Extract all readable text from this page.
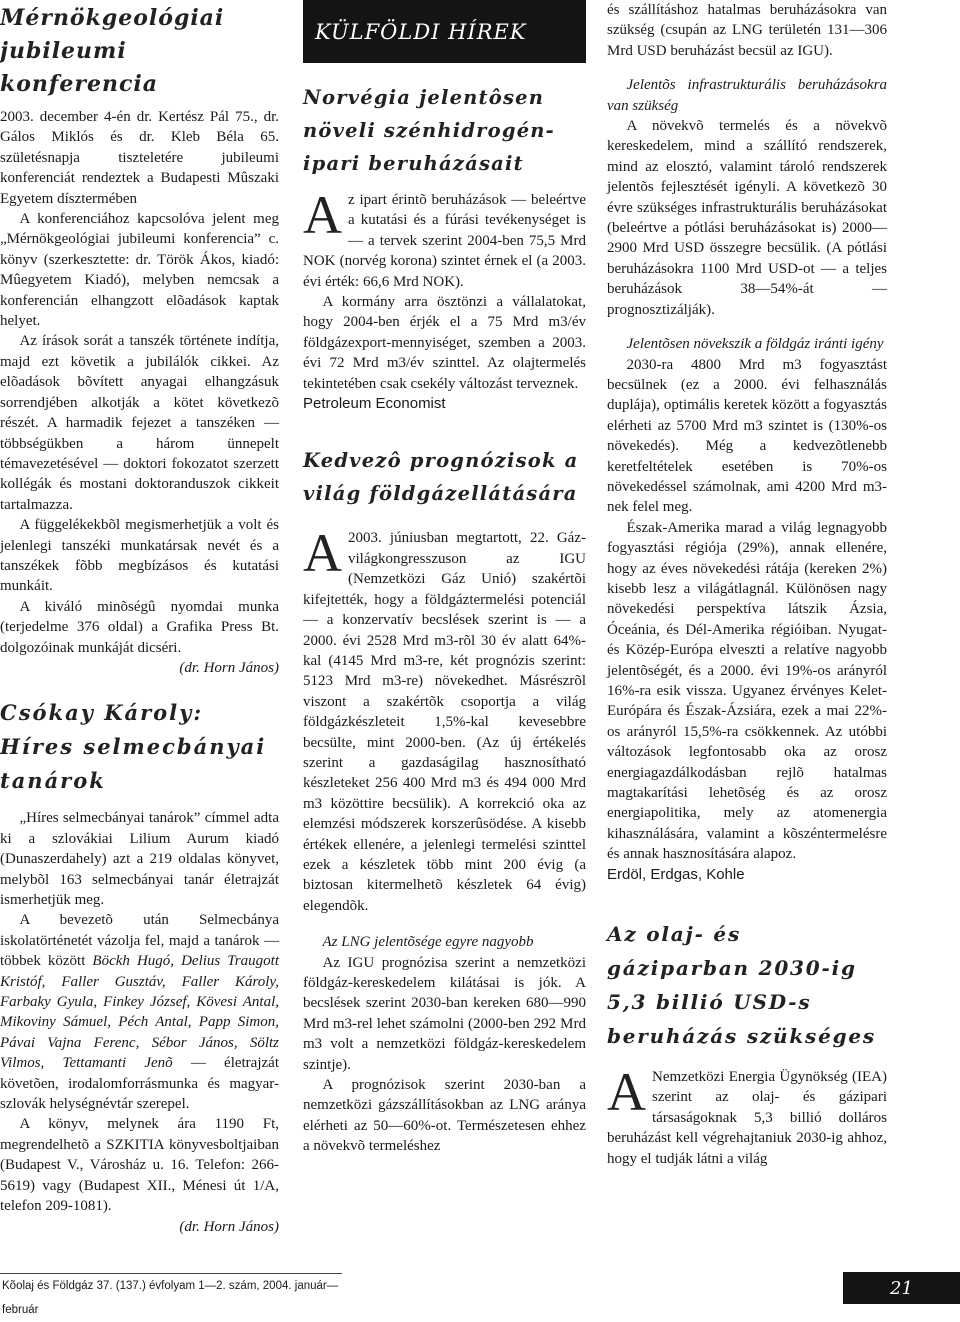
Mérnökgeológiai jubileumi konferencia

2003. december 4-én dr. Kertész Pál 75., dr. Gálos Miklós és dr. Kleb Béla 65. születésnapja tiszteletére jubileumi konferenciát rendeztek a Budapesti Mûszaki Egyetem dísztermében

A konferenciához kapcsolóva jelent meg „Mérnökgeológiai jubileumi konferencia” c. könyv (szerkesztette: dr. Török Ákos, kiadó: Mûegyetem Kiadó), melyben nemcsak a konferencián elhangzott elõadások kaptak helyet.

Az írások sorát a tanszék története indítja, majd ezt követik a jubilálók cikkei. Az elõadások bõvített anyagai elhangzásuk sorrendjében alkotják a kötet következõ részét. A harmadik fejezet a tanszéken — többségükben a három ünnepelt témavezetésével — doktori fokozatot szerzett kollégák és mostani doktoranduszok cikkeit tartalmazza.

A függelékekbõl megismerhetjük a volt és jelenlegi tanszéki munkatársak nevét és a tanszékek fõbb megbízásos és kutatási munkáit.

A kiváló minõségû nyomdai munka (terjedelme 376 oldal) a Grafika Press Bt. dolgozóinak munkáját dicséri.

(dr. Horn János)

Csókay Károly: Híres selmecbányai tanárok

„Híres selmecbányai tanárok” címmel adta ki a szlovákiai Lilium Aurum kiadó (Dunaszerdahely) azt a 219 oldalas könyvet, melybõl 163 selmecbányai tanár életrajzát ismerhetjük meg.

A bevezetõ után Selmecbánya iskolatörténetét vázolja fel, majd a tanárok — többek között Böckh Hugó, Delius Traugott Kristóf, Faller Gusztáv, Faller Károly, Farbaky Gyula, Finkey József, Kövesi Antal, Mikoviny Sámuel, Péch Antal, Papp Simon, Pávai Vajna Ferenc, Sébor János, Söltz Vilmos, Tettamanti Jenõ — életrajzát követõen, irodalomforrásmunka és magyar-szlovák helységnévtár szerepel.

A könyv, melynek ára 1190 Ft, megrendelhetõ a SZKITIA könyvesboltjaiban (Budapest V., Városház u. 16. Telefon: 266-5619) vagy (Budapest XII., Ménesi út 1/A, telefon 209-1081).

(dr. Horn János)

KÜLFÖLDI HÍREK
Norvégia jelentôsen növeli szénhidrogén-ipari beruházásait

Az ipart érintõ beruházások — beleértve a kutatási és a fúrási tevékenységet is — a tervek szerint 2004-ben 75,5 Mrd NOK (norvég korona) szintet érnek el (a 2003. évi érték: 66,6 Mrd NOK).

A kormány arra ösztönzi a vállalatokat, hogy 2004-ben érjék el a 75 Mrd m3/év földgázexport-mennyiséget, szemben a 2003. évi 72 Mrd m3/év szinttel. Az olajtermelés tekintetében csak csekély változást terveznek.

Petroleum Economist

Kedvezô prognózisok a világ földgázellátására

A 2003. júniusban megtartott, 22. Gáz-világkongresszuson az IGU (Nemzetközi Gáz Unió) szakértõi kifejtették, hogy a földgáztermelési potenciál — a konzervatív becslések szerint is — a 2000. évi 2528 Mrd m3-rõl 30 év alatt 64%-kal (4145 Mrd m3-re, két prognózis szerint: 5123 Mrd m3-re) növekedhet. Másrészrõl viszont a szakértõk csoportja a világ földgázkészleteit 1,5%-kal kevesebbre becsülte, mint 2000-ben. (Az új értékelés szerint a gazdaságilag hasznosítható készleteket 256 400 Mrd m3 és 494 000 Mrd m3 közöttire becsülik). A korrekció oka az elemzési módszerek korszerûsödése. A kisebb értékek ellenére, a jelenlegi termelési szinttel ezek a készletek több mint 200 évig (a biztosan kitermelhetõ készletek 64 évig) elegendõk.

Az LNG jelentõsége egyre nagyobb

Az IGU prognózisa szerint a nemzetközi földgáz-kereskedelem kilátásai is jók. A becslések szerint 2030-ban kereken 680—990 Mrd m3-rel lehet számolni (2000-ben 292 Mrd m3 volt a nemzetközi földgáz-kereskedelem szintje).

A prognózisok szerint 2030-ban a nemzetközi gázszállításokban az LNG aránya elérheti az 50—60%-ot. Természetesen ehhez a növekvõ termeléshez

és szállításhoz hatalmas beruházásokra van szükség (csupán az LNG területén 131—306 Mrd USD beruházást becsül az IGU).

Jelentõs infrastrukturális beruházásokra van szükség

A növekvõ termelés és a növekvõ kereskedelem, mind a szállító rendszerek, mind az elosztó, valamint tároló rendszerek jelentõs fejlesztését igényli. A következõ 30 évre szükséges infrastrukturális beruházásokat (beleértve a pótlási beruházásokat is) 2000—2900 Mrd USD összegre becsülik. (A pótlási beruházásokra 1100 Mrd USD-ot — a teljes beruházások 38—54%-át — prognosztizálják).

Jelentõsen növekszik a földgáz iránti igény

2030-ra 4800 Mrd m3 fogyasztást becsülnek (ez a 2000. évi felhasználás duplája), optimális keretek között a fogyasztás elérheti az 5700 Mrd m3 szintet is (130%-os növekedés). Még a kedvezõtlenebb keretfeltételek esetében is 70%-os növekedéssel számolnak, ami 4200 Mrd m3-nek felel meg.

Észak-Amerika marad a világ legnagyobb fogyasztási régiója (29%), annak ellenére, hogy az éves növekedési rátája (kereken 2%) kisebb lesz a világátlagnál. Különösen nagy növekedési perspektíva látszik Ázsia, Óceánia, és Dél-Amerika régióiban. Nyugat- és Közép-Európa elveszti a relatíve nagyobb jelentõségét, és a 2000. évi 19%-os arányról 16%-ra esik vissza. Ugyanez érvényes Kelet-Európára és Észak-Ázsiára, ezek a mai 22%-os arányról 15,5%-ra csökkennek. Az utóbbi változások legfontosabb oka az orosz energiagazdálkodásban rejlõ hatalmas magtakarítási lehetõség és az orosz energiapolitika, mely az atomenergia kihasználására, valamint a kõszéntermelésre és annak hasznosítására alapoz.

Erdöl, Erdgas, Kohle

Az olaj- és gáziparban 2030-ig 5,3 billió USD-s beruházás szükséges

A Nemzetközi Energia Ügynökség (IEA) szerint az olaj- és gázipari társaságoknak 5,3 billió dolláros beruházást kell végrehajtaniuk 2030-ig ahhoz, hogy el tudják látni a világ

Kõolaj és Földgáz 37. (137.) évfolyam 1—2. szám, 2004. január—február
21
